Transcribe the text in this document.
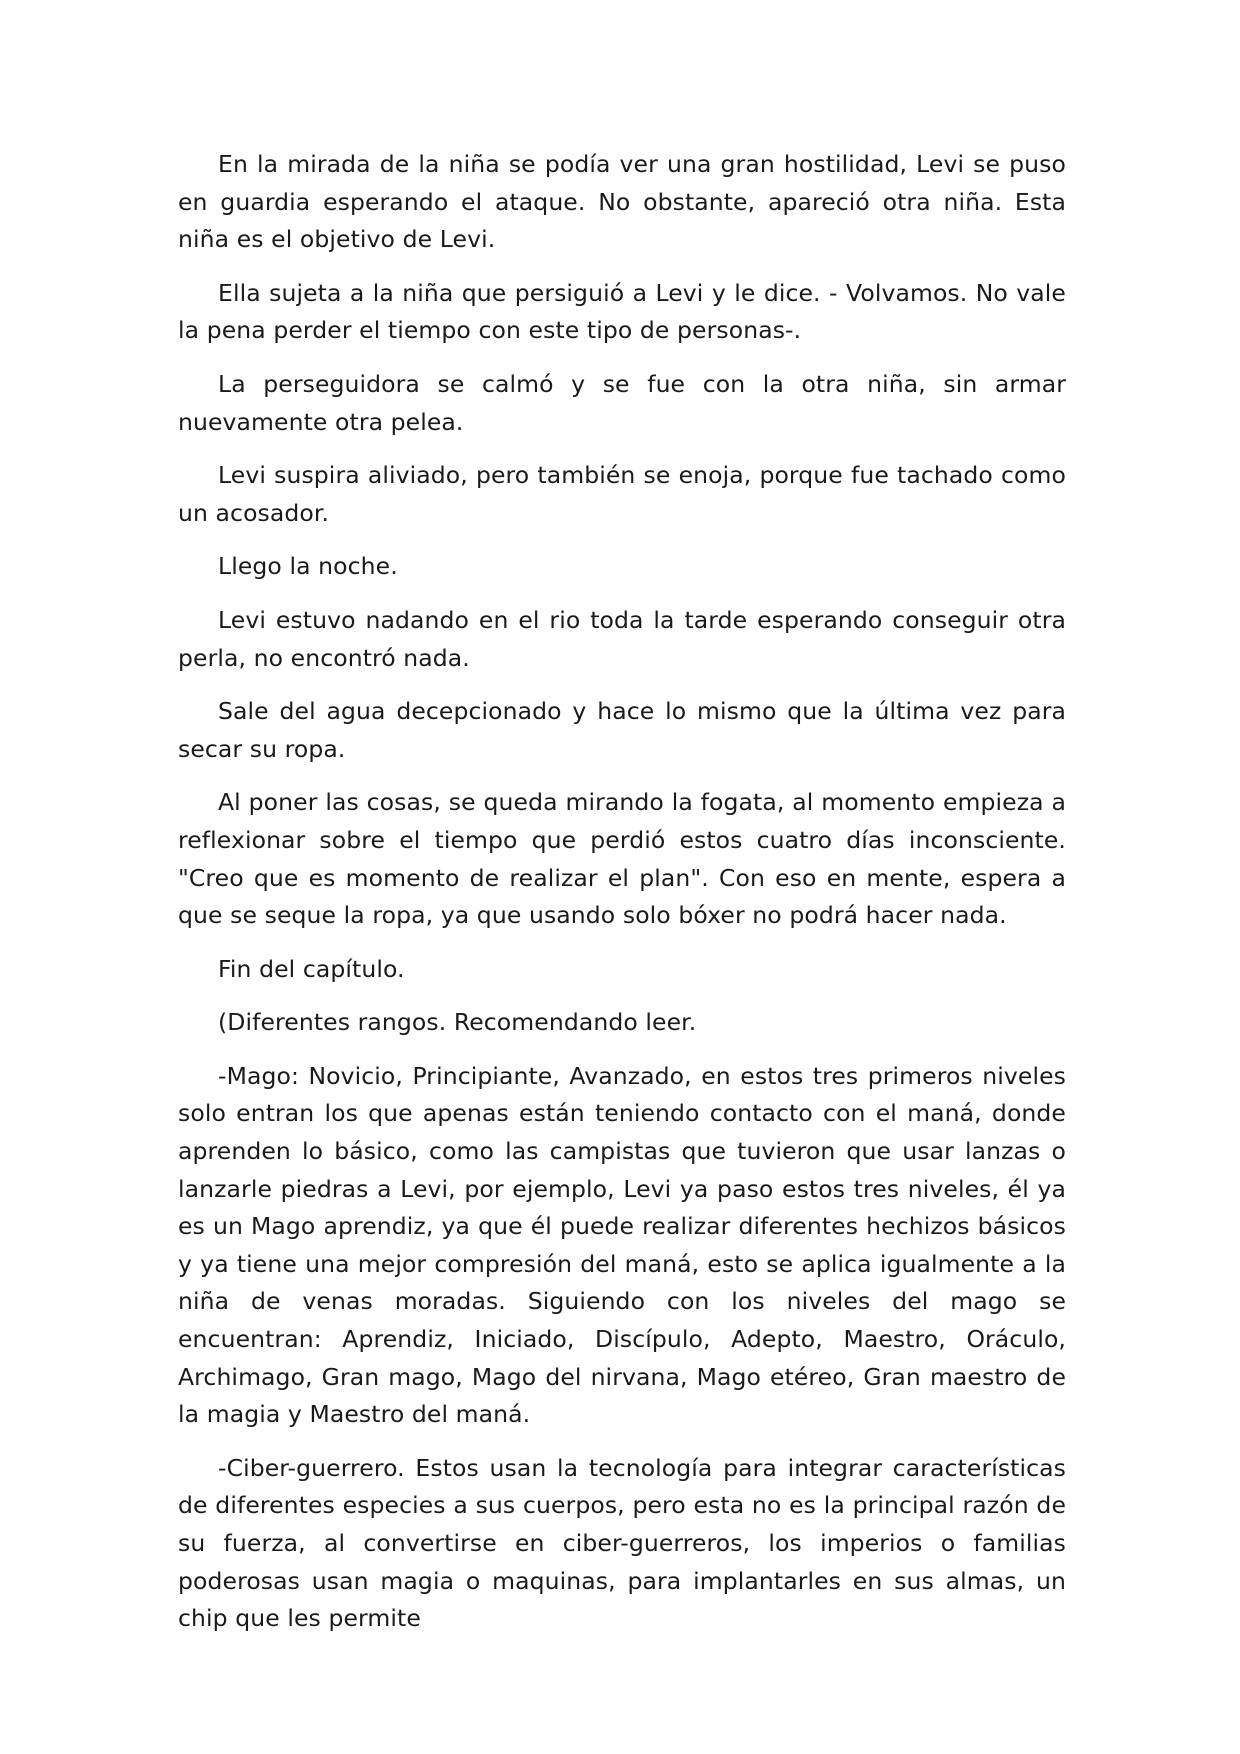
En la mirada de la niña se podía ver una gran hostilidad, Levi se puso en guardia esperando el ataque. No obstante, apareció otra niña. Esta niña es el objetivo de Levi.

Ella sujeta a la niña que persiguió a Levi y le dice. - Volvamos. No vale la pena perder el tiempo con este tipo de personas-.

La perseguidora se calmó y se fue con la otra niña, sin armar nuevamente otra pelea.

Levi suspira aliviado, pero también se enoja, porque fue tachado como un acosador.

Llego la noche.

Levi estuvo nadando en el rio toda la tarde esperando conseguir otra perla, no encontró nada.

Sale del agua decepcionado y hace lo mismo que la última vez para secar su ropa.

Al poner las cosas, se queda mirando la fogata, al momento empieza a reflexionar sobre el tiempo que perdió estos cuatro días inconsciente. "Creo que es momento de realizar el plan". Con eso en mente, espera a que se seque la ropa, ya que usando solo bóxer no podrá hacer nada.

Fin del capítulo.

(Diferentes rangos. Recomendando leer.

-Mago: Novicio, Principiante, Avanzado, en estos tres primeros niveles solo entran los que apenas están teniendo contacto con el maná, donde aprenden lo básico, como las campistas que tuvieron que usar lanzas o lanzarle piedras a Levi, por ejemplo, Levi ya paso estos tres niveles, él ya es un Mago aprendiz, ya que él puede realizar diferentes hechizos básicos y ya tiene una mejor compresión del maná, esto se aplica igualmente a la niña de venas moradas. Siguiendo con los niveles del mago se encuentran: Aprendiz, Iniciado, Discípulo, Adepto, Maestro, Oráculo, Archimago, Gran mago, Mago del nirvana, Mago etéreo, Gran maestro de la magia y Maestro del maná.

-Ciber-guerrero. Estos usan la tecnología para integrar características de diferentes especies a sus cuerpos, pero esta no es la principal razón de su fuerza, al convertirse en ciber-guerreros, los imperios o familias poderosas usan magia o maquinas, para implantarles en sus almas, un chip que les permite
